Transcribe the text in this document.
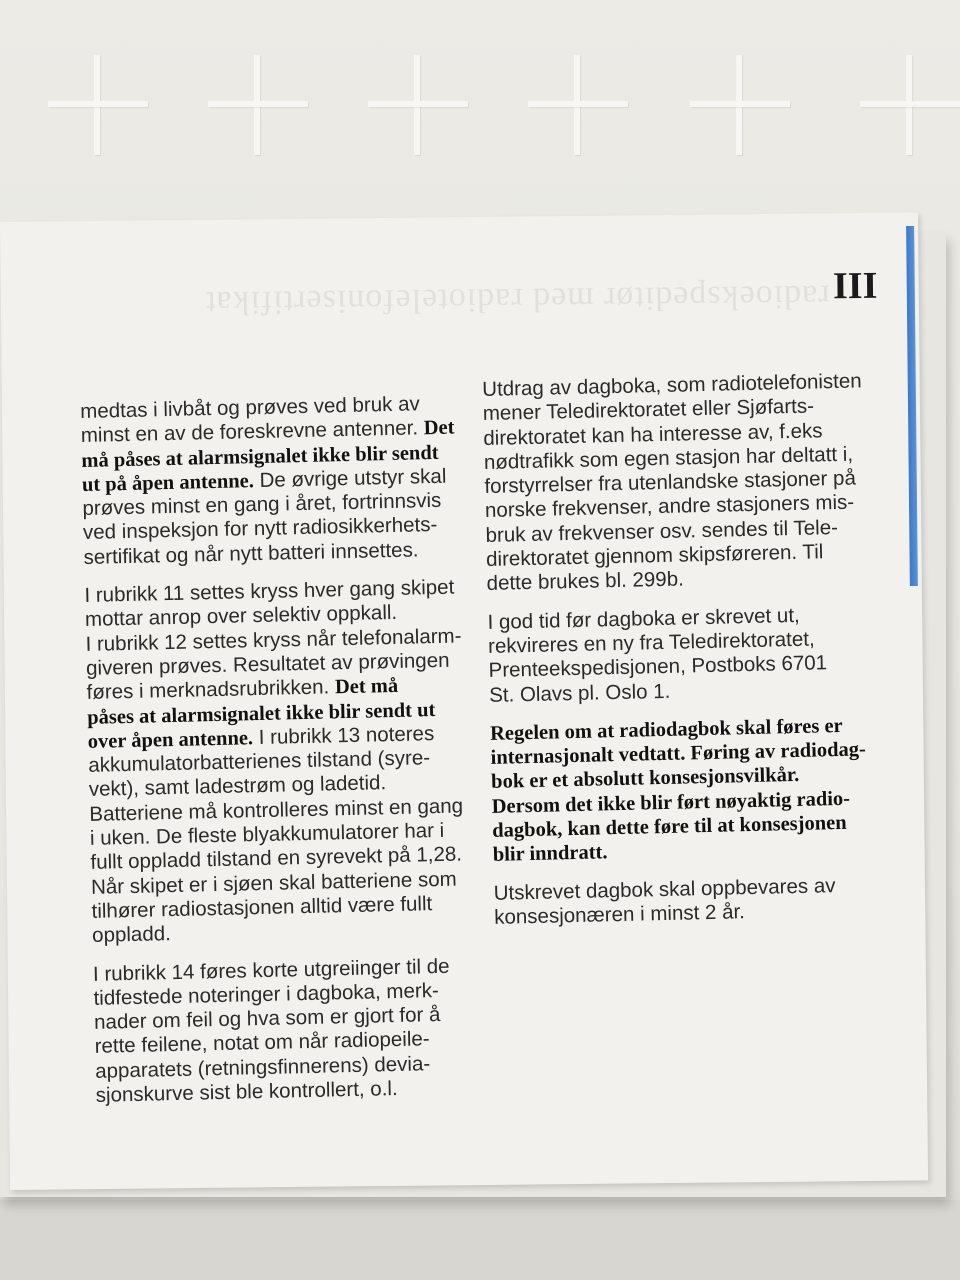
radioekspeditør med radiotelefonisertifikat III
medtas i livbåt og prøves ved bruk av
minst en av de foreskrevne antenner. Det
må påses at alarmsignalet ikke blir sendt
ut på åpen antenne. De øvrige utstyr skal
prøves minst en gang i året, fortrinnsvis
ved inspeksjon for nytt radiosikkerhets-
sertifikat og når nytt batteri innsettes.
I rubrikk 11 settes kryss hver gang skipet
mottar anrop over selektiv oppkall.
I rubrikk 12 settes kryss når telefonalarm-
giveren prøves. Resultatet av prøvingen
føres i merknadsrubrikken. Det må
påses at alarmsignalet ikke blir sendt ut
over åpen antenne. I rubrikk 13 noteres
akkumulatorbatterienes tilstand (syre-
vekt), samt ladestrøm og ladetid.
Batteriene må kontrolleres minst en gang
i uken. De fleste blyakkumulatorer har i
fullt oppladd tilstand en syrevekt på 1,28.
Når skipet er i sjøen skal batteriene som
tilhører radiostasjonen alltid være fullt
oppladd.
I rubrikk 14 føres korte utgreiinger til de
tidfestede noteringer i dagboka, merk-
nader om feil og hva som er gjort for å
rette feilene, notat om når radiopeile-
apparatets (retningsfinnerens) devia-
sjonskurve sist ble kontrollert, o.l.
Utdrag av dagboka, som radiotelefonisten
mener Teledirektoratet eller Sjøfarts-
direktoratet kan ha interesse av, f.eks
nødtrafikk som egen stasjon har deltatt i,
forstyrrelser fra utenlandske stasjoner på
norske frekvenser, andre stasjoners mis-
bruk av frekvenser osv. sendes til Tele-
direktoratet gjennom skipsføreren. Til
dette brukes bl. 299b.
I god tid før dagboka er skrevet ut,
rekvireres en ny fra Teledirektoratet,
Prenteekspedisjonen, Postboks 6701
St. Olavs pl. Oslo 1.
Regelen om at radiodagbok skal føres er
internasjonalt vedtatt. Føring av radiodag-
bok er et absolutt konsesjonsvilkår.
Dersom det ikke blir ført nøyaktig radio-
dagbok, kan dette føre til at konsesjonen
blir inndratt.
Utskrevet dagbok skal oppbevares av
konsesjonæren i minst 2 år.
